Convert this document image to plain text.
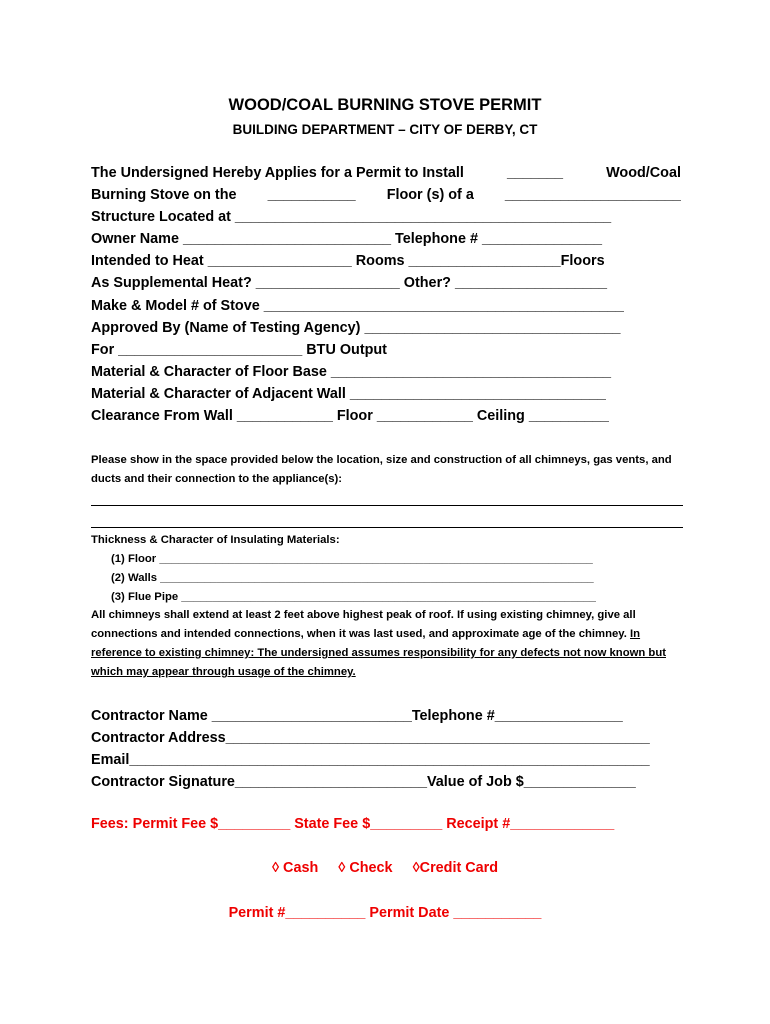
WOOD/COAL BURNING STOVE PERMIT
BUILDING DEPARTMENT – CITY OF DERBY, CT
The Undersigned Hereby Applies for a Permit to Install	_______	Wood/Coal
Burning Stove on the ___________ Floor (s) of a ______________________
Structure Located at _______________________________________________
Owner Name __________________________ Telephone # _______________
Intended to Heat __________________ Rooms ___________________Floors
As Supplemental Heat? __________________ Other? ___________________
Make & Model # of Stove _____________________________________________
Approved By (Name of Testing Agency) ________________________________
For _______________________ BTU Output
Material & Character of Floor Base ___________________________________
Material & Character of Adjacent Wall ________________________________
Clearance From Wall ____________ Floor ____________ Ceiling __________
Please show in the space provided below the location, size and construction of all chimneys, gas vents, and ducts and their connection to the appliance(s):
Thickness & Character of Insulating Materials:
(1) Floor _____________________________________________________________________
(2) Walls _____________________________________________________________________
(3) Flue Pipe __________________________________________________________________
All chimneys shall extend at least 2 feet above highest peak of roof. If using existing chimney, give all connections and intended connections, when it was last used, and approximate age of the chimney. In reference to existing chimney: The undersigned assumes responsibility for any defects not now known but which may appear through usage of the chimney.
Contractor Name _________________________Telephone #________________
Contractor Address_____________________________________________________
Email_________________________________________________________________
Contractor Signature________________________Value of Job $______________
Fees: Permit Fee $_________ State Fee $_________ Receipt #_____________
◊ Cash ◊ Check ◊Credit Card
Permit #__________ Permit Date ___________
